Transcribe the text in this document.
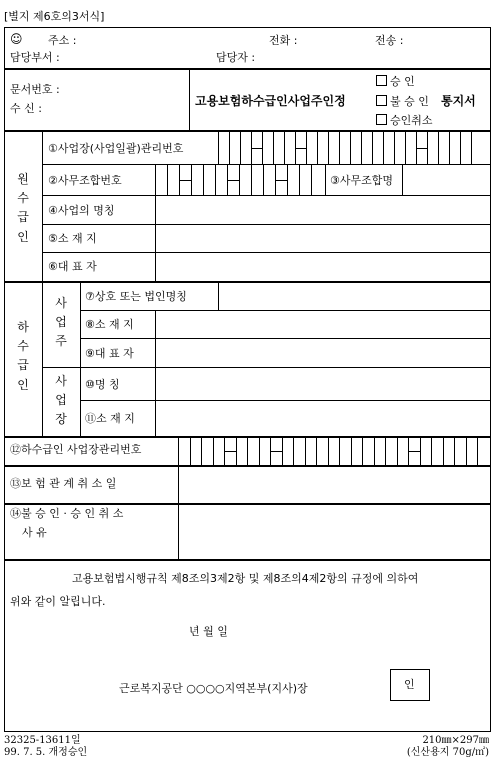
[별지 제6호의3서식]
☺ 주소 :	전화 :	전송 :
담당부서 :	담당자 :
문서번호 :
수 신 :
고용보험하수급인사업주인정
승 인
불 승 인 통지서
승인취소
원
수
급
인
①사업장(사업일괄)관리번호
②사무조합번호	③사무조합명
④사업의 명칭
⑤소 재 지
⑥대 표 자
하
수
급
인
사
업
주
사
업
장
⑦상호 또는 법인명칭
⑧소 재 지
⑨대 표 자
⑩명 칭
⑪소 재 지
⑫하수급인 사업장관리번호
⑬보 험 관 계 취 소 일
⑭불 승 인 · 승 인 취 소
사 유
고용보험법시행규칙 제8조의3제2항 및 제8조의4제2항의 규정에 의하여
위와 같이 알립니다.
년 월 일
근로복지공단 ○○○○지역본부(지사)장	인
32325-13611일
99. 7. 5. 개정승인
210㎜×297㎜
(신산용지 70g/㎡)
